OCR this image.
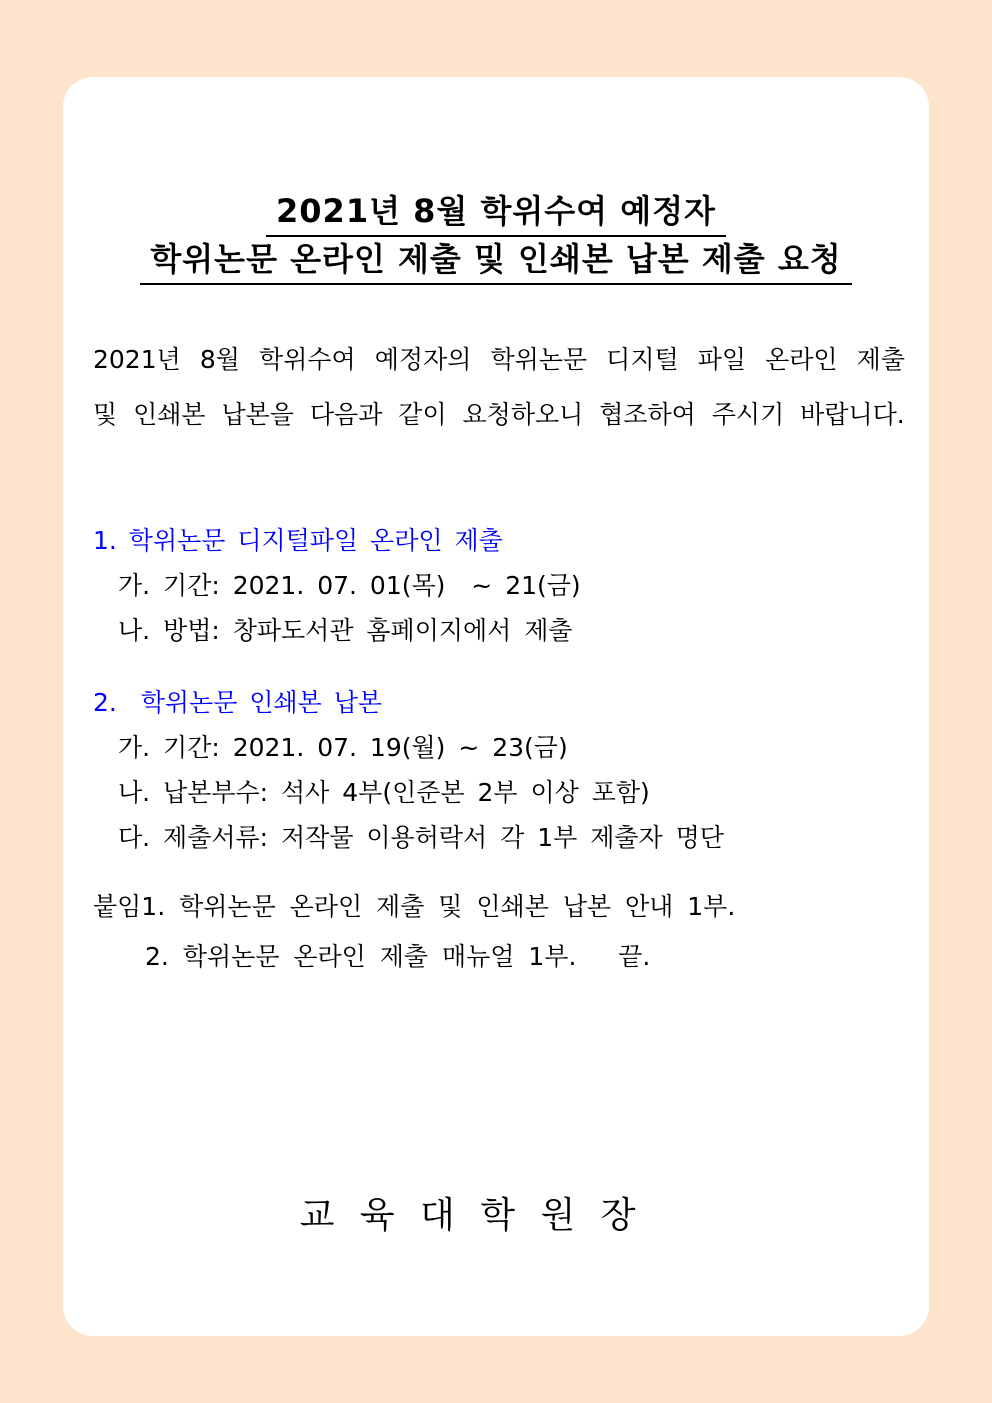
2021년 8월 학위수여 예정자
학위논문 온라인 제출 및 인쇄본 납본 제출 요청

2021년 8월 학위수여 예정자의 학위논문 디지털 파일 온라인 제출 및 인쇄본 납본을 다음과 같이 요청하오니 협조하여 주시기 바랍니다.

1. 학위논문 디지털파일 온라인 제출
가. 기간: 2021. 07. 01(목)  ~ 21(금)
나. 방법: 창파도서관 홈페이지에서 제출
2.  학위논문 인쇄본 납본
가. 기간: 2021. 07. 19(월) ~ 23(금)
나. 납본부수: 석사 4부(인준본 2부 이상 포함)
다. 제출서류: 저작물 이용허락서 각 1부 제출자 명단
붙임1. 학위논문 온라인 제출 및 인쇄본 납본 안내 1부.
2. 학위논문 온라인 제출 매뉴얼 1부.   끝.
교 육 대 학 원 장
